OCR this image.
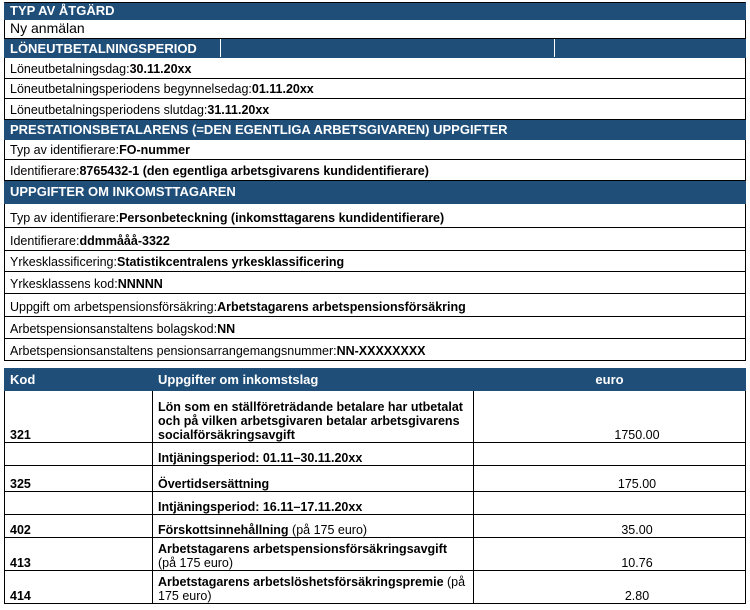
TYP AV ÅTGÄRD
Ny anmälan
LÖNEUTBETALNINGSPERIOD
Löneutbetalningsdag: 30.11.20xx
Löneutbetalningsperiodens begynnelsedag: 01.11.20xx
Löneutbetalningsperiodens slutdag: 31.11.20xx
PRESTATIONSBETALARENS (=DEN EGENTLIGA ARBETSGIVAREN) UPPGIFTER
Typ av identifierare: FO-nummer
Identifierare: 8765432-1 (den egentliga arbetsgivarens kundidentifierare)
UPPGIFTER OM INKOMSTTAGAREN
Typ av identifierare: Personbeteckning (inkomsttagarens kundidentifierare)
Identifierare: ddmmååå-3322
Yrkesklassificering: Statistikcentralens yrkesklassificering
Yrkesklassens kod: NNNNN
Uppgift om arbetspensionsförsäkring: Arbetstagarens arbetspensionsförsäkring
Arbetspensionsanstaltens bolagskod: NN
Arbetspensionsanstaltens pensionsarrangemangsnummer: NN-XXXXXXXX
Kod	Uppgifter om inkomstslag	euro
321	Lön som en ställföreträdande betalare har utbetalat och på vilken arbetsgivaren betalar arbetsgivarens socialförsäkringsavgift	1750.00
	Intjäningsperiod: 01.11–30.11.20xx	
325	Övertidsersättning	175.00
	Intjäningsperiod: 16.11–17.11.20xx	
402	Förskottsinnehållning (på 175 euro)	35.00
413	Arbetstagarens arbetspensionsförsäkringsavgift (på 175 euro)	10.76
414	Arbetstagarens arbetslöshetsförsäkringspremie (på 175 euro)	2.80
